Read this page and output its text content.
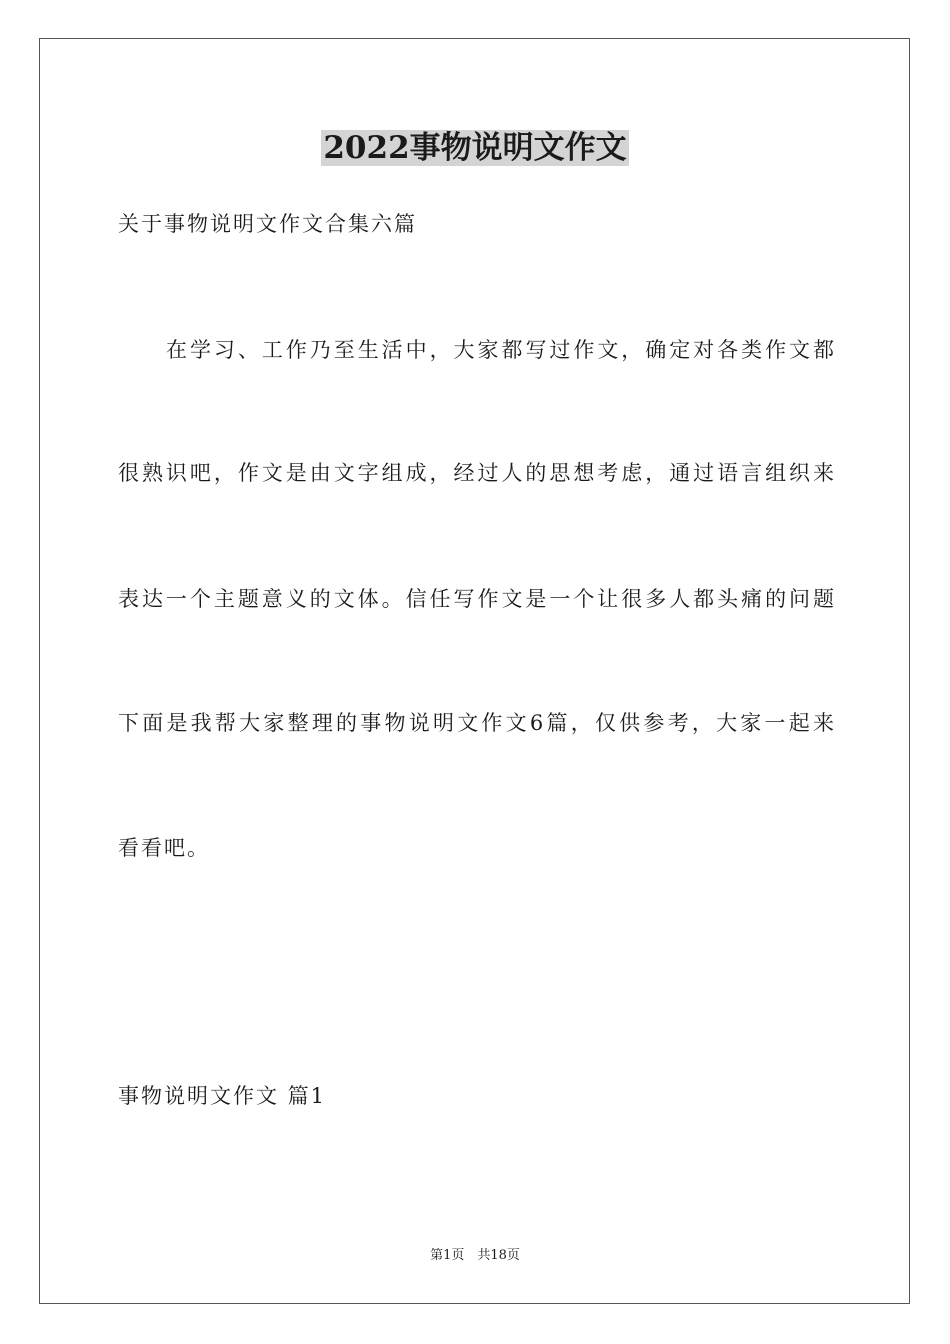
2022事物说明文作文
关于事物说明文作文合集六篇
在学习、工作乃至生活中，大家都写过作文，确定对各类作文都
很熟识吧，作文是由文字组成，经过人的思想考虑，通过语言组织来
表达一个主题意义的文体。信任写作文是一个让很多人都头痛的问题
下面是我帮大家整理的事物说明文作文6篇，仅供参考，大家一起来
看看吧。
事物说明文作文 篇1
第1页　共18页
